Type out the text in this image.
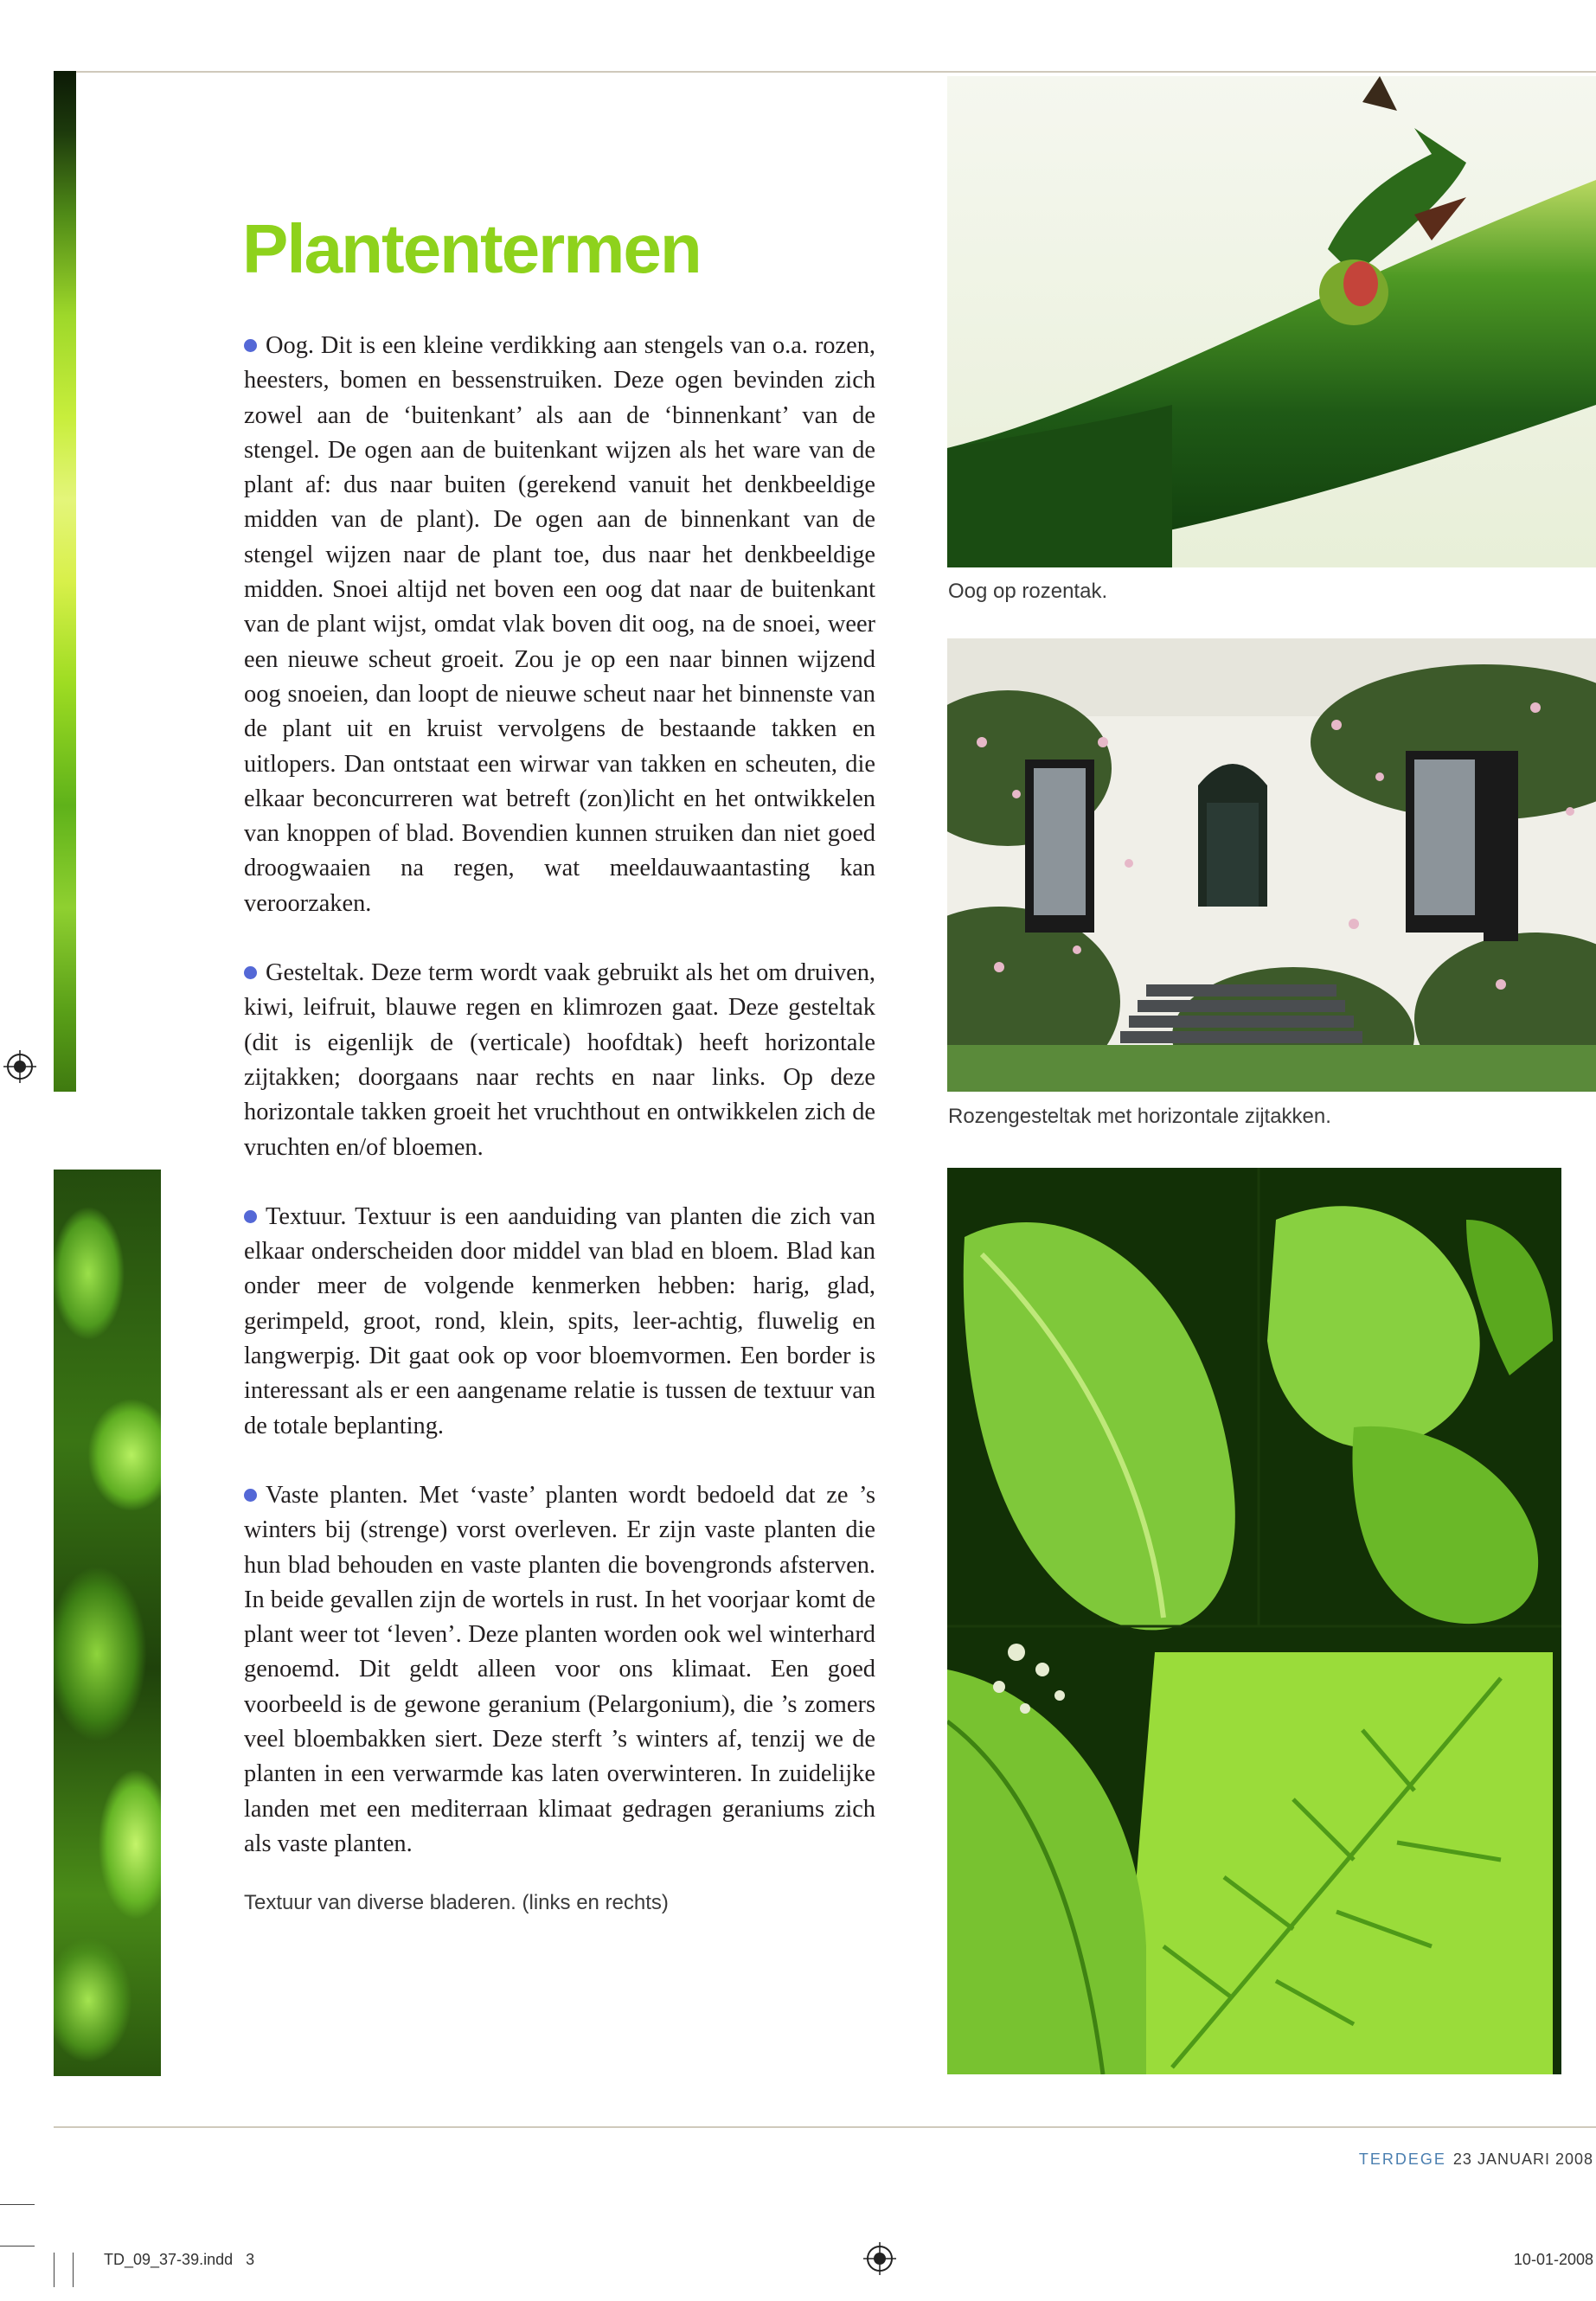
Plantentermen

Oog. Dit is een kleine verdikking aan stengels van o.a. rozen, heesters, bomen en bessenstruiken. Deze ogen bevinden zich zowel aan de ‘buitenkant’ als aan de ‘binnenkant’ van de stengel. De ogen aan de buitenkant wijzen als het ware van de plant af: dus naar buiten (gerekend vanuit het denkbeeldige midden van de plant). De ogen aan de binnenkant van de stengel wijzen naar de plant toe, dus naar het denkbeeldige midden. Snoei altijd net boven een oog dat naar de buitenkant van de plant wijst, omdat vlak boven dit oog, na de snoei, weer een nieuwe scheut groeit. Zou je op een naar binnen wijzend oog snoeien, dan loopt de nieuwe scheut naar het binnenste van de plant uit en kruist vervolgens de bestaande takken en uitlopers. Dan ontstaat een wirwar van takken en scheuten, die elkaar beconcurreren wat betreft (zon)licht en het ontwikkelen van knoppen of blad. Bovendien kunnen struiken dan niet goed droogwaaien na regen, wat meeldauwaantasting kan veroorzaken.

Gesteltak. Deze term wordt vaak gebruikt als het om druiven, kiwi, leifruit, blauwe regen en klimrozen gaat. Deze gesteltak (dit is eigenlijk de (verticale) hoofdtak) heeft horizontale zijtakken; doorgaans naar rechts en naar links. Op deze horizontale takken groeit het vruchthout en ontwikkelen zich de vruchten en/of bloemen.

Textuur. Textuur is een aanduiding van planten die zich van elkaar onderscheiden door middel van blad en bloem. Blad kan onder meer de volgende kenmerken hebben: harig, glad, gerimpeld, groot, rond, klein, spits, leer-achtig, fluwelig en langwerpig. Dit gaat ook op voor bloemvormen. Een border is interessant als er een aangename relatie is tussen de textuur van de totale beplanting.

Vaste planten. Met ‘vaste’ planten wordt bedoeld dat ze ’s winters bij (strenge) vorst overleven. Er zijn vaste planten die hun blad behouden en vaste planten die bovengronds afsterven. In beide gevallen zijn de wortels in rust. In het voorjaar komt de plant weer tot ‘leven’. Deze planten worden ook wel winterhard genoemd. Dit geldt alleen voor ons klimaat. Een goed voorbeeld is de gewone geranium (Pelargonium), die ’s zomers veel bloembakken siert. Deze sterft ’s winters af, tenzij we de planten in een verwarmde kas laten overwinteren. In zuidelijke landen met een mediterraan klimaat gedragen geraniums zich als vaste planten.

Textuur van diverse bladeren. (links en rechts)
Oog op rozentak.
Rozengesteltak met horizontale zijtakken.
TERDEGE 23 JANUARI 2008
TD_09_37-39.indd   3	10-01-2008
